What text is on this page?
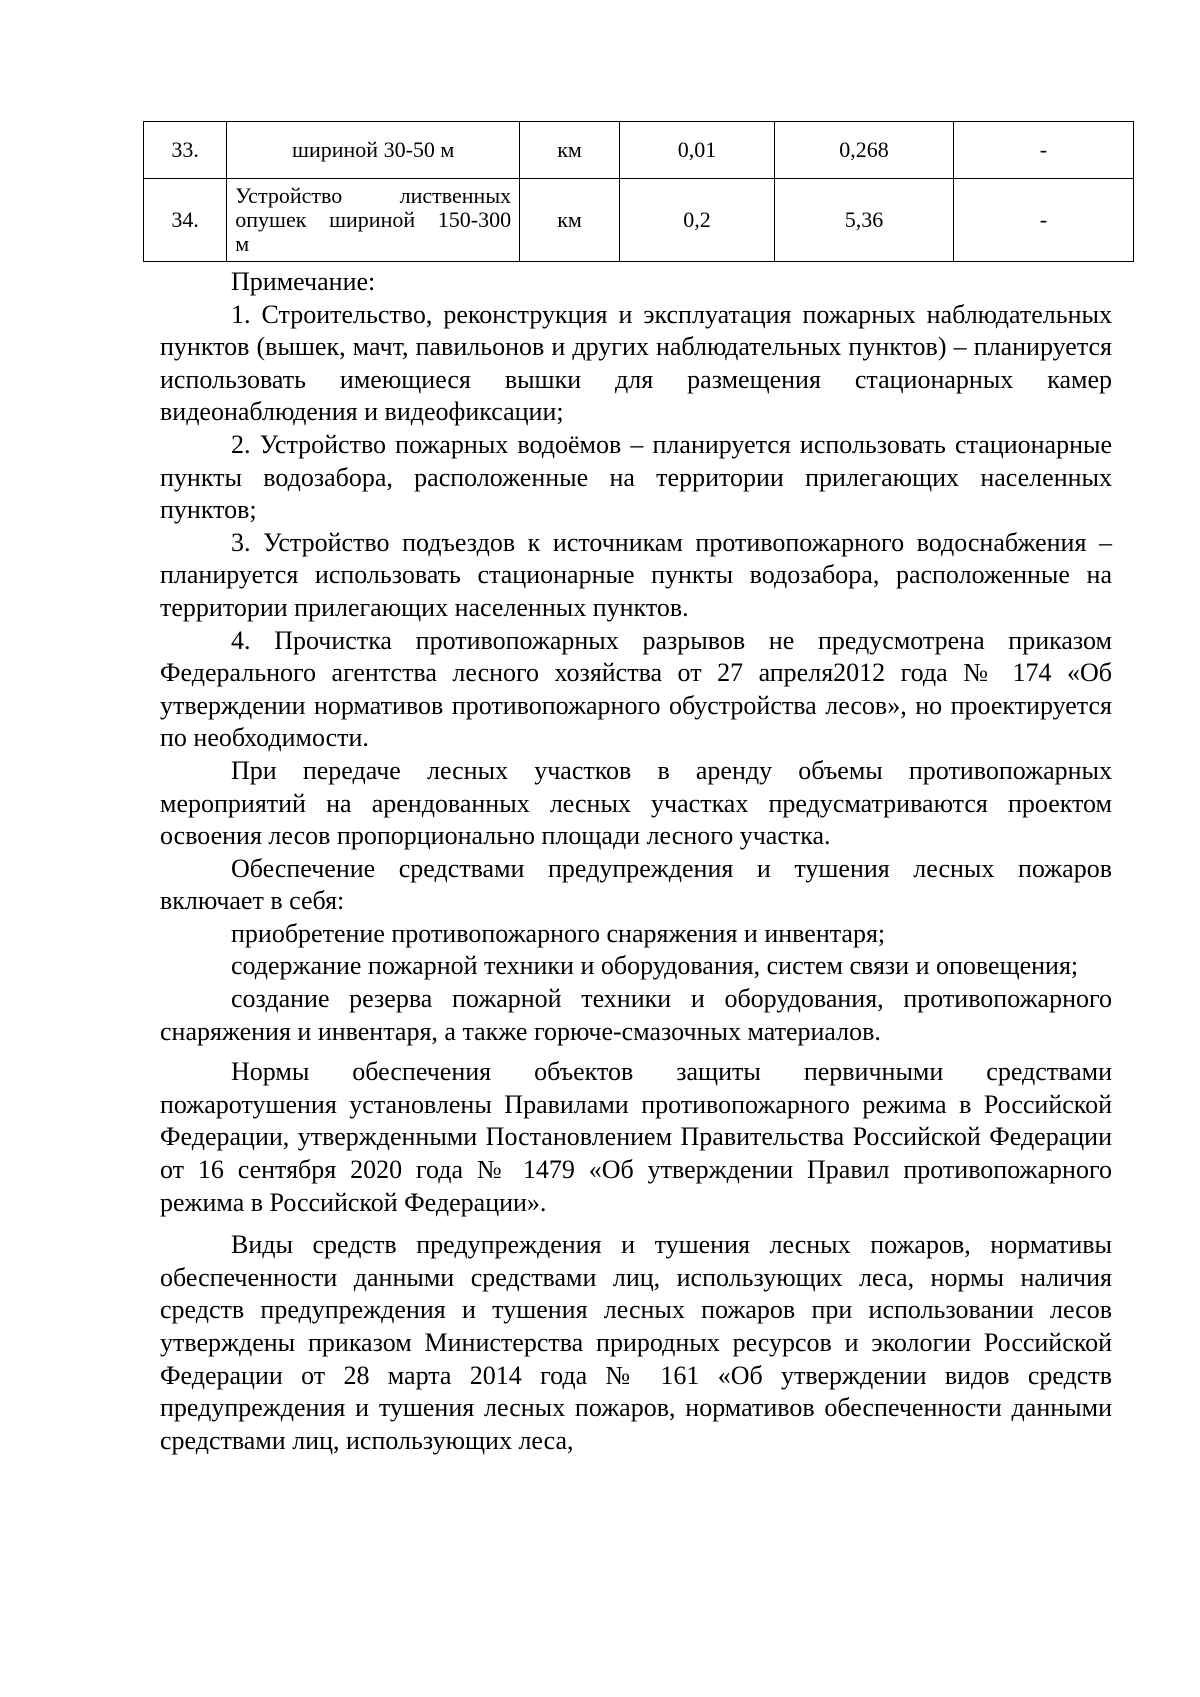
33.	шириной 30-50 м	км	0,01	0,268	-
34.	Устройство лиственных
опушек шириной 150-300
м	км	0,2	5,36	-

Примечание:

1. Строительство, реконструкция и эксплуатация пожарных наблюдательных пунктов (вышек, мачт, павильонов и других наблюдательных пунктов) – планируется использовать имеющиеся вышки для размещения стационарных камер видеонаблюдения и видеофиксации;

2. Устройство пожарных водоёмов – планируется использовать стационарные пункты водозабора, расположенные на территории прилегающих населенных пунктов;

3. Устройство подъездов к источникам противопожарного водоснабжения – планируется использовать стационарные пункты водозабора, расположенные на территории прилегающих населенных пунктов.

4. Прочистка противопожарных разрывов не предусмотрена приказом Федерального агентства лесного хозяйства от 27 апреля2012 года № 174 «Об утверждении нормативов противопожарного обустройства лесов», но проектируется по необходимости.

При передаче лесных участков в аренду объемы противопожарных мероприятий на арендованных лесных участках предусматриваются проектом освоения лесов пропорционально площади лесного участка.

Обеспечение средствами предупреждения и тушения лесных пожаров включает в себя:

приобретение противопожарного снаряжения и инвентаря;

содержание пожарной техники и оборудования, систем связи и оповещения;

создание резерва пожарной техники и оборудования, противопожарного снаряжения и инвентаря, а также горюче-смазочных материалов.

Нормы обеспечения объектов защиты первичными средствами пожаротушения установлены Правилами противопожарного режима в Российской Федерации, утвержденными Постановлением Правительства Российской Федерации от 16 сентября 2020 года № 1479 «Об утверждении Правил противопожарного режима в Российской Федерации».

Виды средств предупреждения и тушения лесных пожаров, нормативы обеспеченности данными средствами лиц, использующих леса, нормы наличия средств предупреждения и тушения лесных пожаров при использовании лесов утверждены приказом Министерства природных ресурсов и экологии Российской Федерации от 28 марта 2014 года № 161 «Об утверждении видов средств предупреждения и тушения лесных пожаров, нормативов обеспеченности данными средствами лиц, использующих леса,
